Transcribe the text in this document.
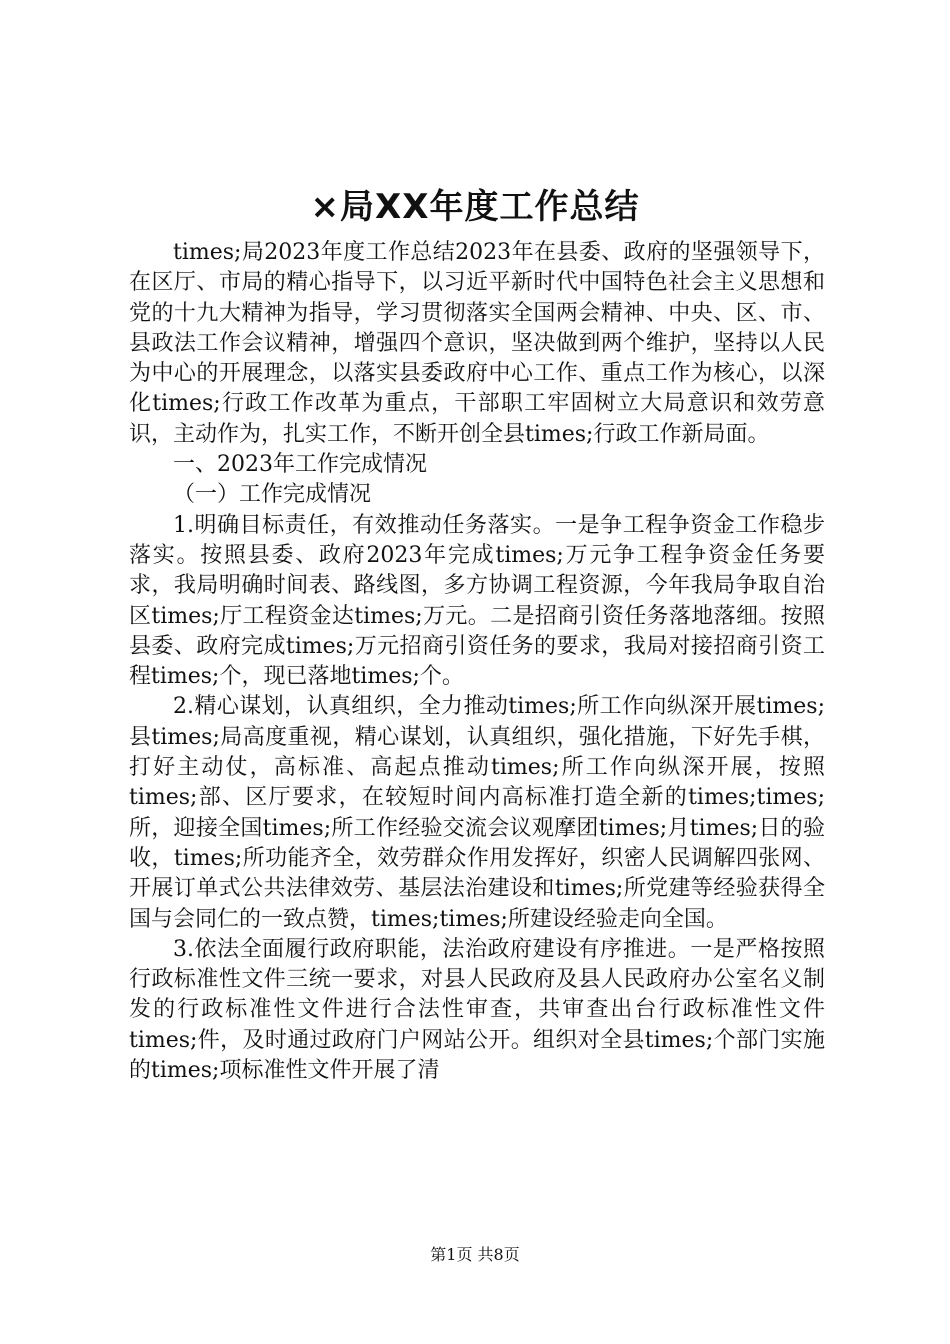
×局XX年度工作总结

times;局2023年度工作总结2023年在县委、政府的坚强领导下，在区厅、市局的精心指导下，以习近平新时代中国特色社会主义思想和党的十九大精神为指导，学习贯彻落实全国两会精神、中央、区、市、县政法工作会议精神，增强四个意识，坚决做到两个维护，坚持以人民为中心的开展理念，以落实县委政府中心工作、重点工作为核心，以深化times;行政工作改革为重点，干部职工牢固树立大局意识和效劳意识，主动作为，扎实工作，不断开创全县times;行政工作新局面。

一、2023年工作完成情况

（一）工作完成情况

1.明确目标责任，有效推动任务落实。一是争工程争资金工作稳步落实。按照县委、政府2023年完成times;万元争工程争资金任务要求，我局明确时间表、路线图，多方协调工程资源，今年我局争取自治区times;厅工程资金达times;万元。二是招商引资任务落地落细。按照县委、政府完成times;万元招商引资任务的要求，我局对接招商引资工程times;个，现已落地times;个。

2.精心谋划，认真组织，全力推动times;所工作向纵深开展times;县times;局高度重视，精心谋划，认真组织，强化措施，下好先手棋，打好主动仗，高标准、高起点推动times;所工作向纵深开展，按照times;部、区厅要求，在较短时间内高标准打造全新的times;times;所，迎接全国times;所工作经验交流会议观摩团times;月times;日的验收，times;所功能齐全，效劳群众作用发挥好，织密人民调解四张网、开展订单式公共法律效劳、基层法治建设和times;所党建等经验获得全国与会同仁的一致点赞，times;times;所建设经验走向全国。

3.依法全面履行政府职能，法治政府建设有序推进。一是严格按照行政标准性文件三统一要求，对县人民政府及县人民政府办公室名义制发的行政标准性文件进行合法性审查，共审查出台行政标准性文件times;件，及时通过政府门户网站公开。组织对全县times;个部门实施的times;项标准性文件开展了清

第1页 共8页
